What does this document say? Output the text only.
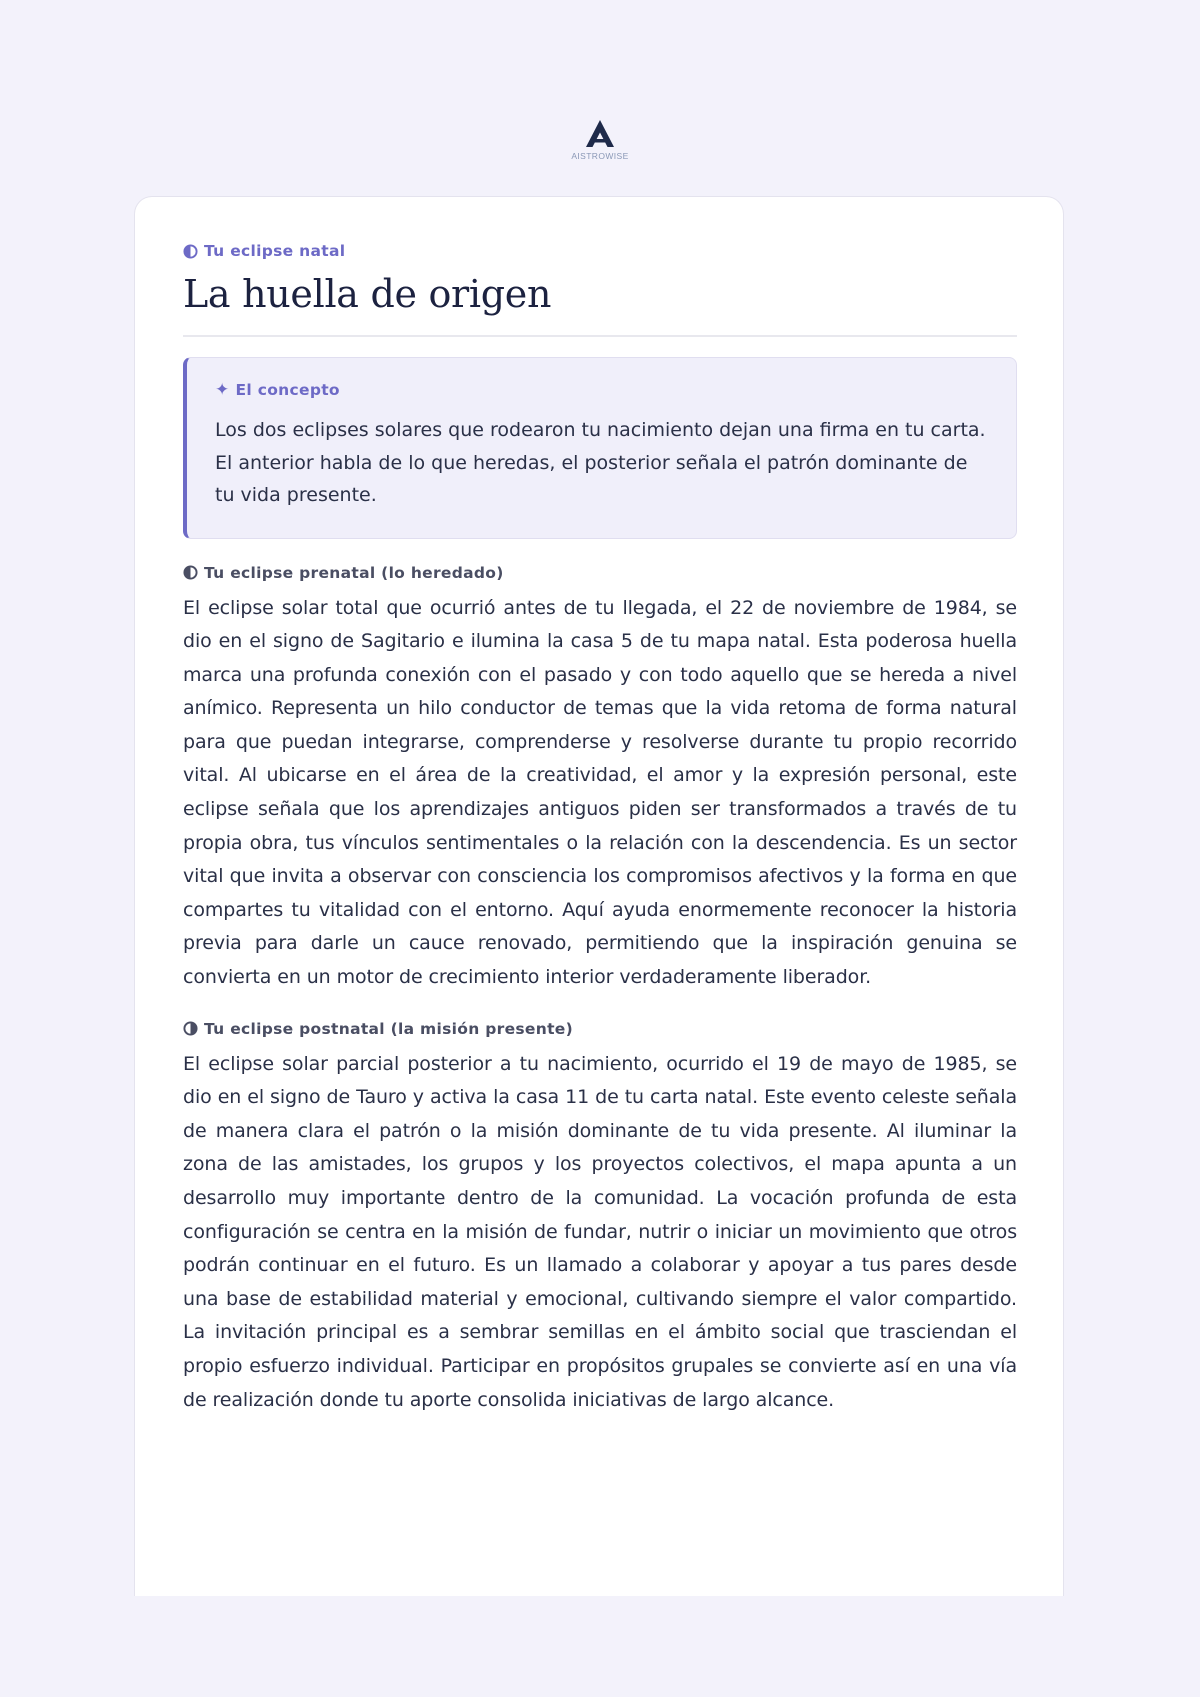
AISTROWISE
Tu eclipse natal
La huella de origen
✦ El concepto
Los dos eclipses solares que rodearon tu nacimiento dejan una firma en tu carta. El anterior habla de lo que heredas, el posterior señala el patrón dominante de tu vida presente.
Tu eclipse prenatal (lo heredado)
El eclipse solar total que ocurrió antes de tu llegada, el 22 de noviembre de 1984, se dio en el signo de Sagitario e ilumina la casa 5 de tu mapa natal. Esta poderosa huella marca una profunda conexión con el pasado y con todo aquello que se hereda a nivel anímico. Representa un hilo conductor de temas que la vida retoma de forma natural para que puedan integrarse, comprenderse y resolverse durante tu propio recorrido vital. Al ubicarse en el área de la creatividad, el amor y la expresión personal, este eclipse señala que los aprendizajes antiguos piden ser transformados a través de tu propia obra, tus vínculos sentimentales o la relación con la descendencia. Es un sector vital que invita a observar con consciencia los compromisos afectivos y la forma en que compartes tu vitalidad con el entorno. Aquí ayuda enormemente reconocer la historia previa para darle un cauce renovado, permitiendo que la inspiración genuina se convierta en un motor de crecimiento interior verdaderamente liberador.
Tu eclipse postnatal (la misión presente)
El eclipse solar parcial posterior a tu nacimiento, ocurrido el 19 de mayo de 1985, se dio en el signo de Tauro y activa la casa 11 de tu carta natal. Este evento celeste señala de manera clara el patrón o la misión dominante de tu vida presente. Al iluminar la zona de las amistades, los grupos y los proyectos colectivos, el mapa apunta a un desarrollo muy importante dentro de la comunidad. La vocación profunda de esta configuración se centra en la misión de fundar, nutrir o iniciar un movimiento que otros podrán continuar en el futuro. Es un llamado a colaborar y apoyar a tus pares desde una base de estabilidad material y emocional, cultivando siempre el valor compartido. La invitación principal es a sembrar semillas en el ámbito social que trasciendan el propio esfuerzo individual. Participar en propósitos grupales se convierte así en una vía de realización donde tu aporte consolida iniciativas de largo alcance.
